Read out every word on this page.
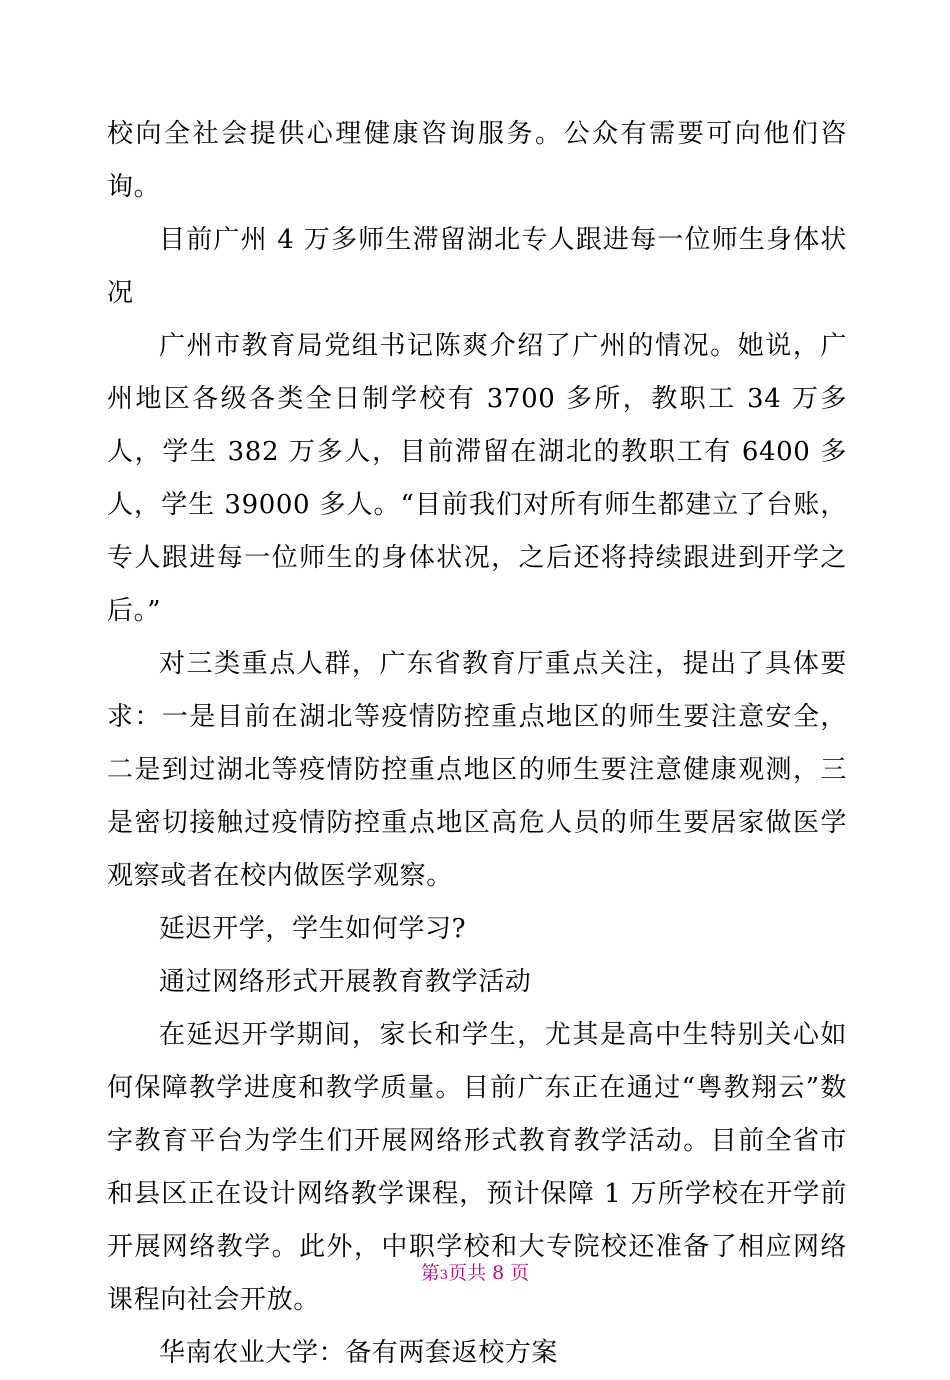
校向全社会提供心理健康咨询服务。公众有需要可向他们咨询。

目前广州 4 万多师生滞留湖北专人跟进每一位师生身体状况

广州市教育局党组书记陈爽介绍了广州的情况。她说，广州地区各级各类全日制学校有 3700 多所，教职工 34 万多人，学生 382 万多人，目前滞留在湖北的教职工有 6400 多人，学生 39000 多人。“目前我们对所有师生都建立了台账，专人跟进每一位师生的身体状况，之后还将持续跟进到开学之后。”

对三类重点人群，广东省教育厅重点关注，提出了具体要求：一是目前在湖北等疫情防控重点地区的师生要注意安全，二是到过湖北等疫情防控重点地区的师生要注意健康观测，三是密切接触过疫情防控重点地区高危人员的师生要居家做医学观察或者在校内做医学观察。

延迟开学，学生如何学习?

通过网络形式开展教育教学活动

在延迟开学期间，家长和学生，尤其是高中生特别关心如何保障教学进度和教学质量。目前广东正在通过“粤教翔云”数字教育平台为学生们开展网络形式教育教学活动。目前全省市和县区正在设计网络教学课程，预计保障 1 万所学校在开学前开展网络教学。此外，中职学校和大专院校还准备了相应网络课程向社会开放。

华南农业大学：备有两套返校方案

第3页共 8 页
